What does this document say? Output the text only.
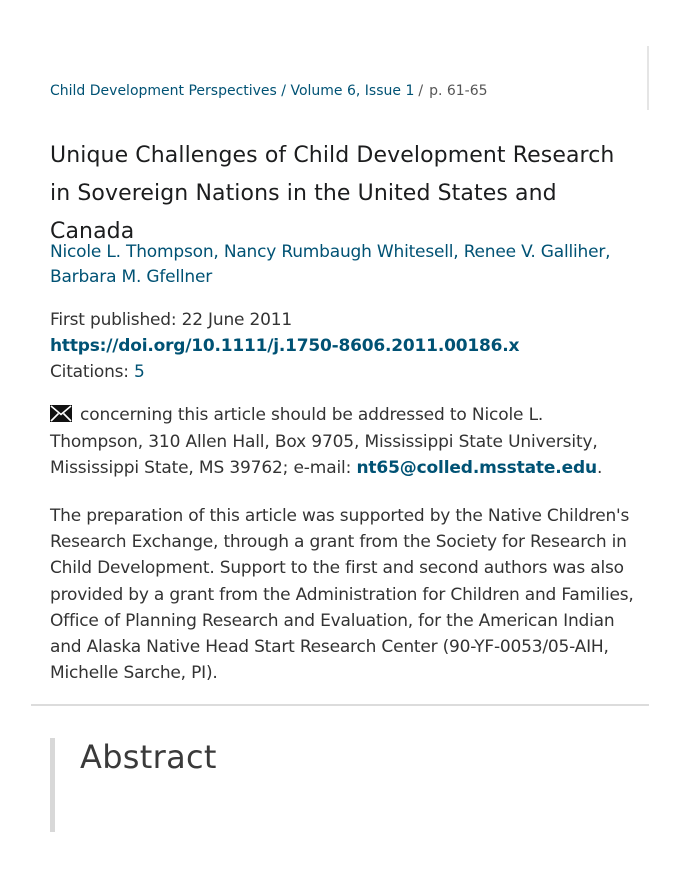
Child Development Perspectives / Volume 6, Issue 1 / p. 61-65
Unique Challenges of Child Development Research in Sovereign Nations in the United States and Canada
Nicole L. Thompson, Nancy Rumbaugh Whitesell, Renee V. Galliher,
Barbara M. Gfellner
First published: 22 June 2011
https://doi.org/10.1111/j.1750-8606.2011.00186.x
Citations: 5

concerning this article should be addressed to Nicole L. Thompson, 310 Allen Hall, Box 9705, Mississippi State University, Mississippi State, MS 39762; e-mail: nt65@colled.msstate.edu.

The preparation of this article was supported by the Native Children's Research Exchange, through a grant from the Society for Research in Child Development. Support to the first and second authors was also provided by a grant from the Administration for Children and Families, Office of Planning Research and Evaluation, for the American Indian and Alaska Native Head Start Research Center (90-YF-0053/05-AIH, Michelle Sarche, PI).

Abstract
